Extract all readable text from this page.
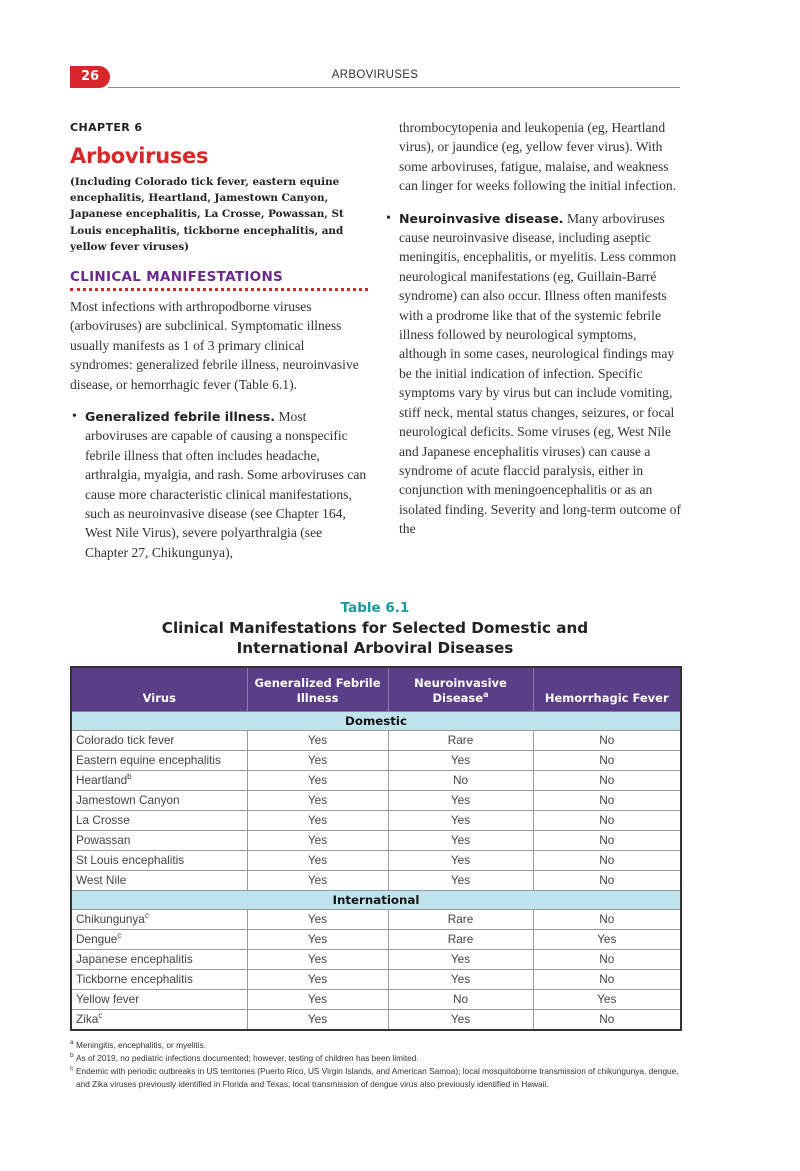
26	ARBOVIRUSES
CHAPTER 6
Arboviruses
(Including Colorado tick fever, eastern equine encephalitis, Heartland, Jamestown Canyon, Japanese encephalitis, La Crosse, Powassan, St Louis encephalitis, tickborne encephalitis, and yellow fever viruses)
CLINICAL MANIFESTATIONS

Most infections with arthropodborne viruses (arboviruses) are subclinical. Symptomatic illness usually manifests as 1 of 3 primary clinical syndromes: generalized febrile illness, neuroinvasive disease, or hemorrhagic fever (Table 6.1).

• Generalized febrile illness. Most arboviruses are capable of causing a nonspecific febrile illness that often includes headache, arthralgia, myalgia, and rash. Some arboviruses can cause more characteristic clinical manifestations, such as neuroinvasive disease (see Chapter 164, West Nile Virus), severe polyarthralgia (see Chapter 27, Chikungunya),

thrombocytopenia and leukopenia (eg, Heartland virus), or jaundice (eg, yellow fever virus). With some arboviruses, fatigue, malaise, and weakness can linger for weeks following the initial infection.

• Neuroinvasive disease. Many arboviruses cause neuroinvasive disease, including aseptic meningitis, encephalitis, or myelitis. Less common neurological manifestations (eg, Guillain-Barré syndrome) can also occur. Illness often manifests with a prodrome like that of the systemic febrile illness followed by neurological symptoms, although in some cases, neurological findings may be the initial indication of infection. Specific symptoms vary by virus but can include vomiting, stiff neck, mental status changes, seizures, or focal neurological deficits. Some viruses (eg, West Nile and Japanese encephalitis viruses) can cause a syndrome of acute flaccid paralysis, either in conjunction with meningoencephalitis or as an isolated finding. Severity and long-term outcome of the

Table 6.1
Clinical Manifestations for Selected Domestic and
International Arboviral Diseases
Virus	Generalized Febrile Illness	Neuroinvasive Disease$^a$	Hemorrhagic Fever
Domestic			
Colorado tick fever	Yes	Rare	No
Eastern equine encephalitis	Yes	Yes	No
Heartland$^b$	Yes	No	No
Jamestown Canyon	Yes	Yes	No
La Crosse	Yes	Yes	No
Powassan	Yes	Yes	No
St Louis encephalitis	Yes	Yes	No
West Nile	Yes	Yes	No
International			
Chikungunya$^c$	Yes	Rare	No
Dengue$^c$	Yes	Rare	Yes
Japanese encephalitis	Yes	Yes	No
Tickborne encephalitis	Yes	Yes	No
Yellow fever	Yes	No	Yes
Zika$^c$	Yes	Yes	No
a Meningitis, encephalitis, or myelitis.
b As of 2019, no pediatric infections documented; however, testing of children has been limited.
c Endemic with periodic outbreaks in US territories (Puerto Rico, US Virgin Islands, and American Samoa); local mosquitoborne transmission of chikungunya, dengue, and Zika viruses previously identified in Florida and Texas; local transmission of dengue virus also previously identified in Hawaii.
